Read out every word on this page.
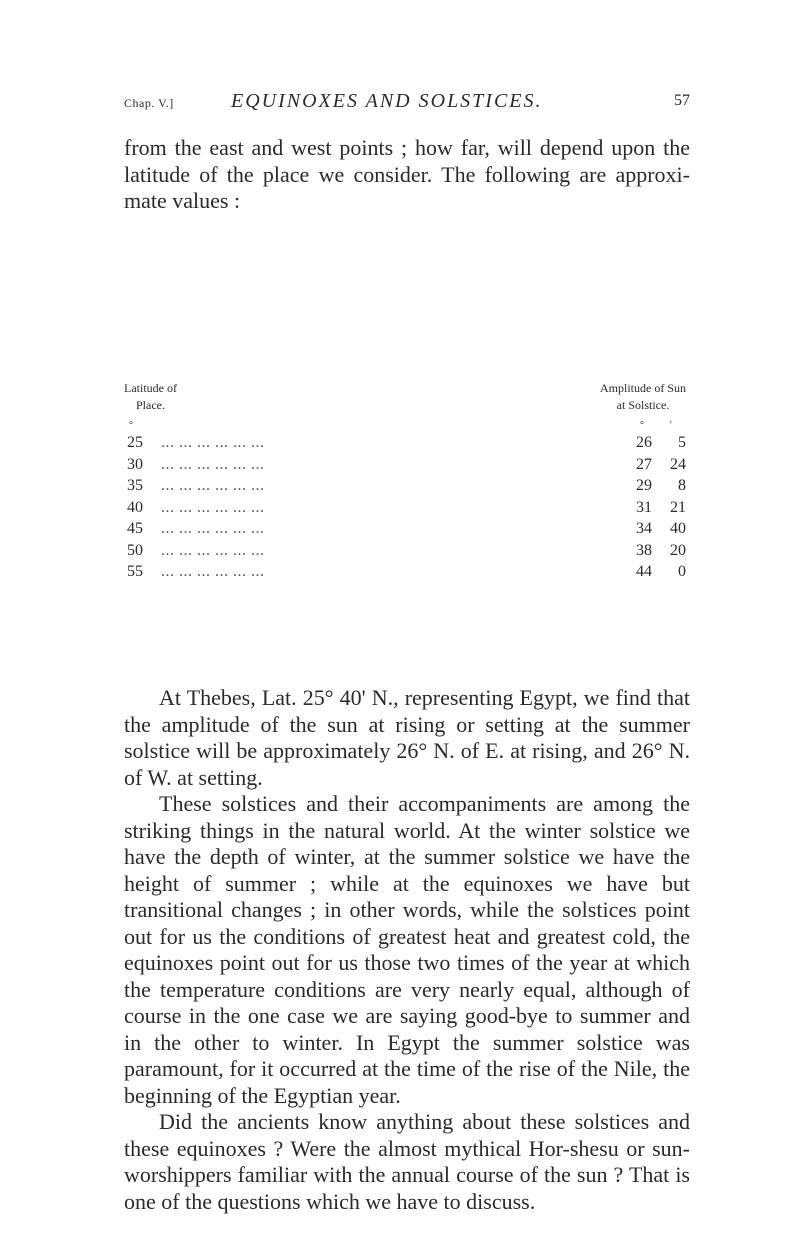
Chap. V.]	EQUINOXES AND SOLSTICES.	57

from the east and west points ; how far, will depend upon the latitude of the place we consider. The following are approxi- mate values :

Latitude of
Place.
Amplitude of Sun
at Solstice.
°	°	'
25 ... ... ... ... ... ...	26	5
30 ... ... ... ... ... ...	27	24
35 ... ... ... ... ... ...	29	8
40 ... ... ... ... ... ...	31	21
45 ... ... ... ... ... ...	34	40
50 ... ... ... ... ... ...	38	20
55 ... ... ... ... ... ...	44	0

At Thebes, Lat. 25° 40' N., representing Egypt, we find that the amplitude of the sun at rising or setting at the summer solstice will be approximately 26° N. of E. at rising, and 26° N. of W. at setting.

These solstices and their accompaniments are among the striking things in the natural world. At the winter solstice we have the depth of winter, at the summer solstice we have the height of summer ; while at the equinoxes we have but transitional changes ; in other words, while the solstices point out for us the conditions of greatest heat and greatest cold, the equinoxes point out for us those two times of the year at which the temperature conditions are very nearly equal, although of course in the one case we are saying good-bye to summer and in the other to winter. In Egypt the summer solstice was paramount, for it occurred at the time of the rise of the Nile, the beginning of the Egyptian year.

Did the ancients know anything about these solstices and these equinoxes ? Were the almost mythical Hor-shesu or sun-worshippers familiar with the annual course of the sun ? That is one of the questions which we have to discuss.
